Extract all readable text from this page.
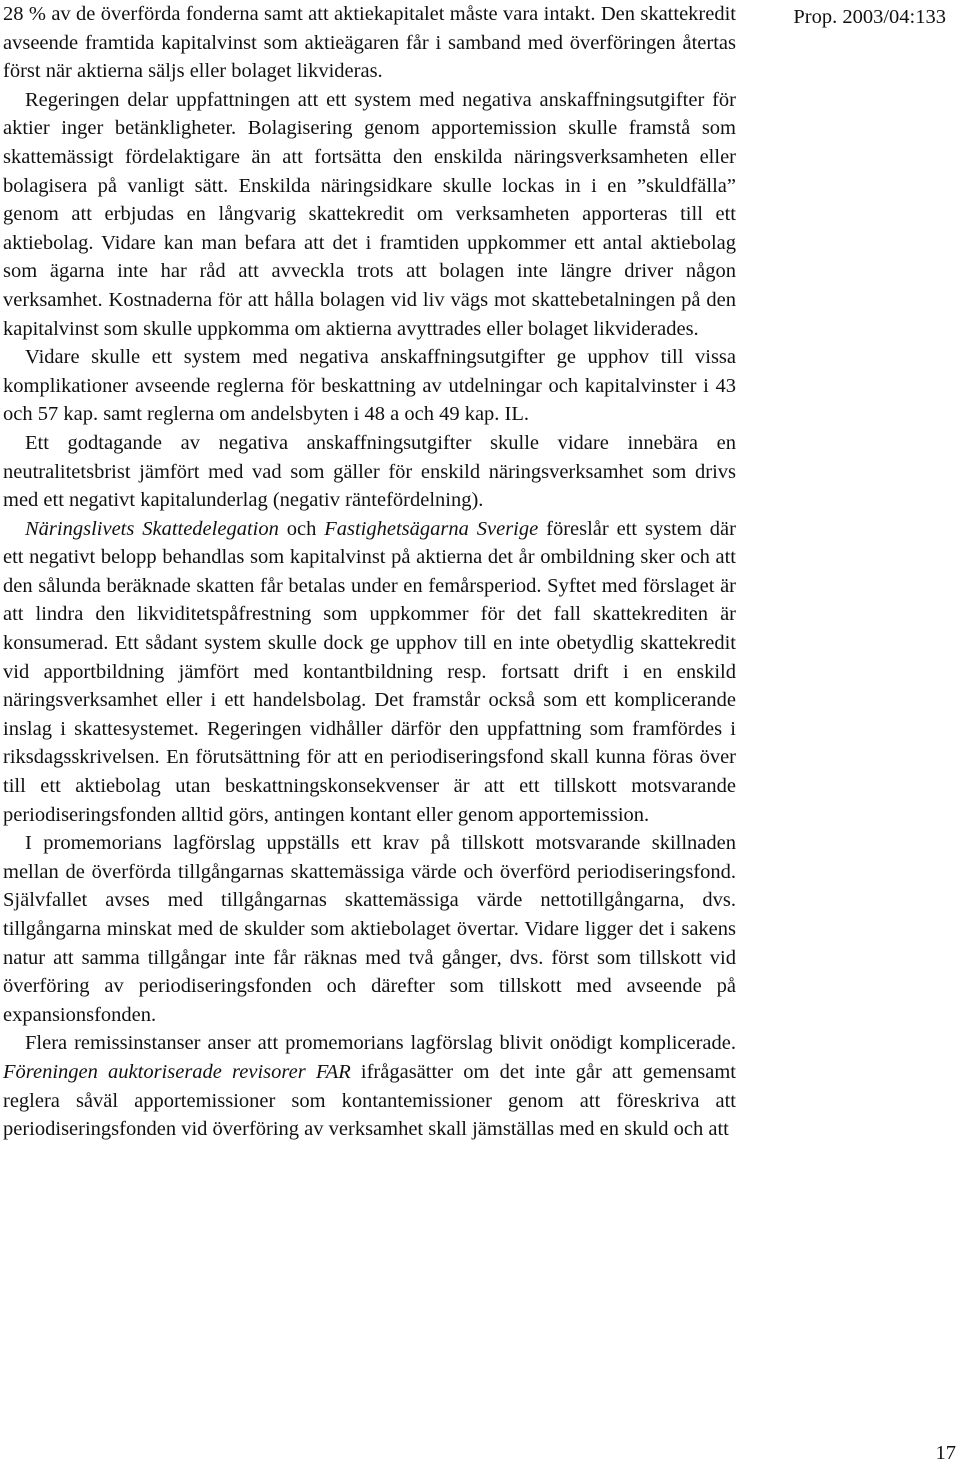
Prop. 2003/04:133

28 % av de överförda fonderna samt att aktiekapitalet måste vara intakt. Den skattekredit avseende framtida kapitalvinst som aktieägaren får i samband med överföringen återtas först när aktierna säljs eller bolaget likvideras.

Regeringen delar uppfattningen att ett system med negativa anskaffningsutgifter för aktier inger betänkligheter. Bolagisering genom apportemission skulle framstå som skattemässigt fördelaktigare än att fortsätta den enskilda näringsverksamheten eller bolagisera på vanligt sätt. Enskilda näringsidkare skulle lockas in i en ”skuldfälla” genom att erbjudas en långvarig skattekredit om verksamheten apporteras till ett aktiebolag. Vidare kan man befara att det i framtiden uppkommer ett antal aktiebolag som ägarna inte har råd att avveckla trots att bolagen inte längre driver någon verksamhet. Kostnaderna för att hålla bolagen vid liv vägs mot skattebetalningen på den kapitalvinst som skulle uppkomma om aktierna avyttrades eller bolaget likviderades.

Vidare skulle ett system med negativa anskaffningsutgifter ge upphov till vissa komplikationer avseende reglerna för beskattning av utdelningar och kapitalvinster i 43 och 57 kap. samt reglerna om andelsbyten i 48 a och 49 kap. IL.

Ett godtagande av negativa anskaffningsutgifter skulle vidare innebära en neutralitetsbrist jämfört med vad som gäller för enskild näringsverksamhet som drivs med ett negativt kapitalunderlag (negativ räntefördelning).

Näringslivets Skattedelegation och Fastighetsägarna Sverige föreslår ett system där ett negativt belopp behandlas som kapitalvinst på aktierna det år ombildning sker och att den sålunda beräknade skatten får betalas under en femårsperiod. Syftet med förslaget är att lindra den likviditetspåfrestning som uppkommer för det fall skattekrediten är konsumerad. Ett sådant system skulle dock ge upphov till en inte obetydlig skattekredit vid apportbildning jämfört med kontantbildning resp. fortsatt drift i en enskild näringsverksamhet eller i ett handelsbolag. Det framstår också som ett komplicerande inslag i skattesystemet. Regeringen vidhåller därför den uppfattning som framfördes i riksdagsskrivelsen. En förutsättning för att en periodiseringsfond skall kunna föras över till ett aktiebolag utan beskattningskonsekvenser är att ett tillskott motsvarande periodiseringsfonden alltid görs, antingen kontant eller genom apportemission.

I promemorians lagförslag uppställs ett krav på tillskott motsvarande skillnaden mellan de överförda tillgångarnas skattemässiga värde och överförd periodiseringsfond. Självfallet avses med tillgångarnas skattemässiga värde nettotillgångarna, dvs. tillgångarna minskat med de skulder som aktiebolaget övertar. Vidare ligger det i sakens natur att samma tillgångar inte får räknas med två gånger, dvs. först som tillskott vid överföring av periodiseringsfonden och därefter som tillskott med avseende på expansionsfonden.

Flera remissinstanser anser att promemorians lagförslag blivit onödigt komplicerade. Föreningen auktoriserade revisorer FAR ifrågasätter om det inte går att gemensamt reglera såväl apportemissioner som kontantemissioner genom att föreskriva att periodiseringsfonden vid överföring av verksamhet skall jämställas med en skuld och att

17
